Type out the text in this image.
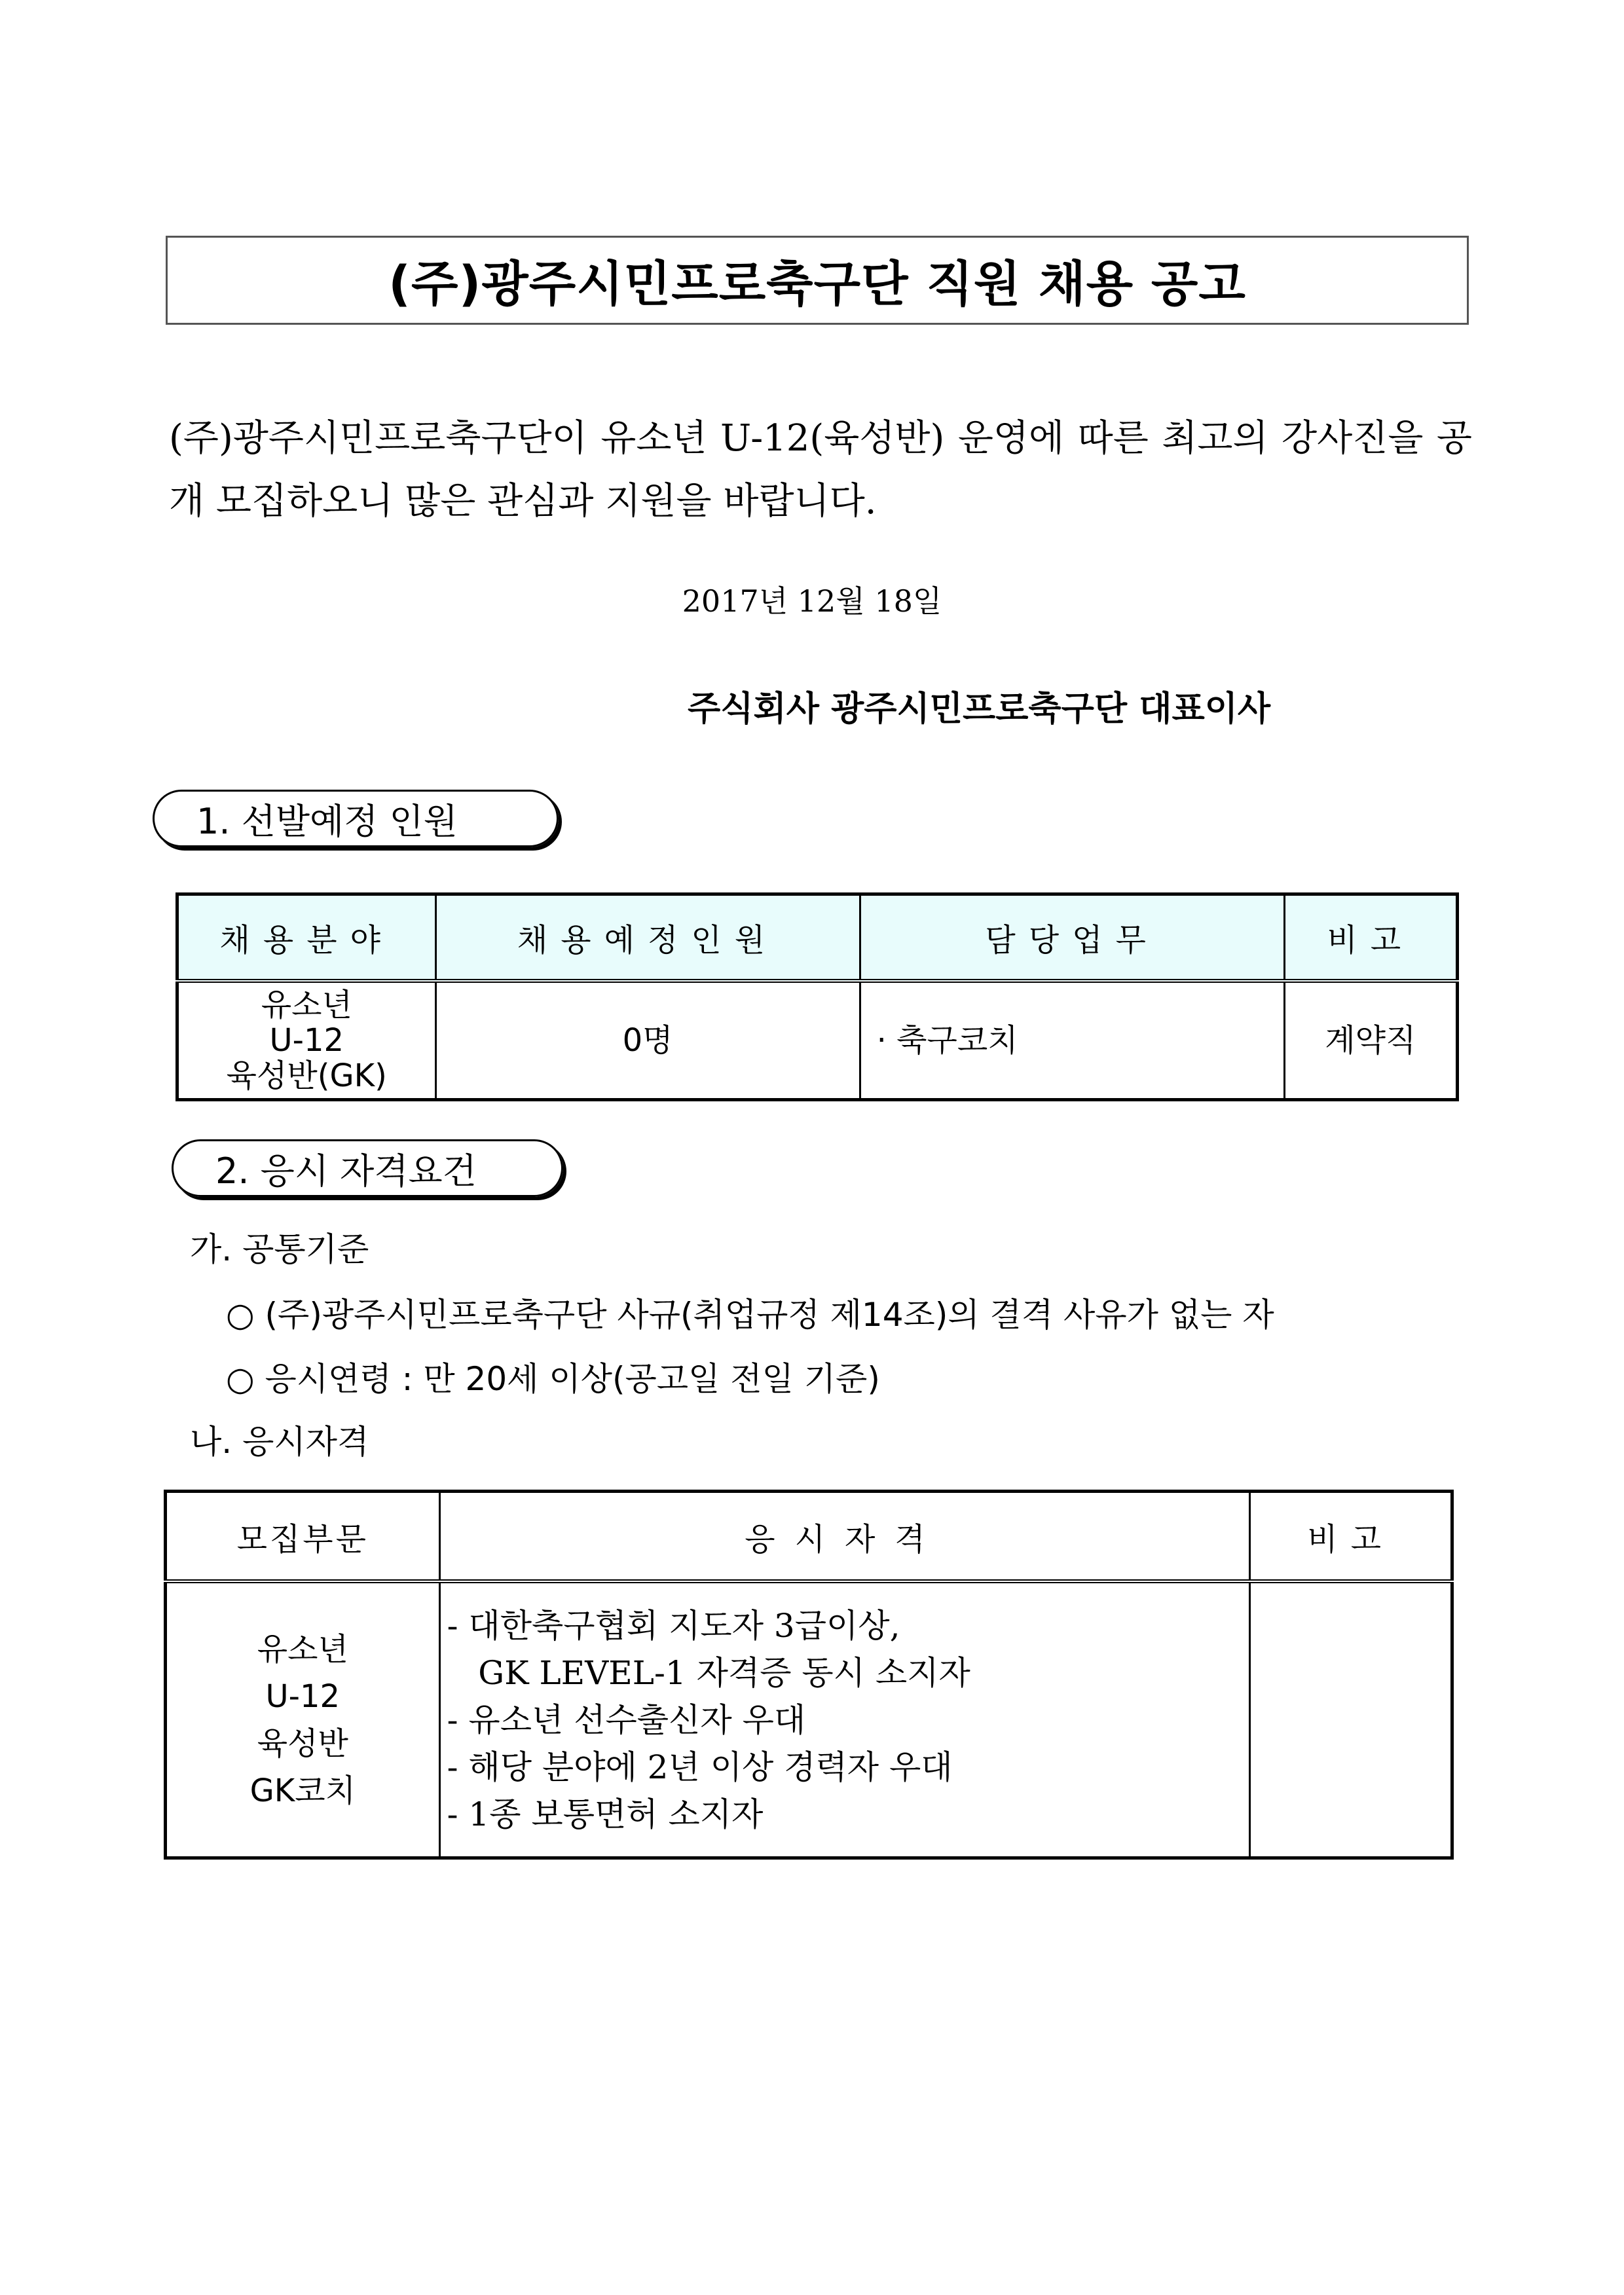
(주)광주시민프로축구단 직원 채용 공고
(주)광주시민프로축구단이 유소년 U-12(육성반) 운영에 따른 최고의 강사진을 공개 모집하오니 많은 관심과 지원을 바랍니다.
2017년 12월 18일
주식회사 광주시민프로축구단 대표이사
1. 선발예정 인원
채용분야	채용예정인원	담당업무	비고

유소년
U-12
육성반(GK)	0명	· 축구코치	계약직
2. 응시 자격요건
가. 공통기준
○ (주)광주시민프로축구단 사규(취업규정 제14조)의 결격 사유가 없는 자
○ 응시연령 : 만 20세 이상(공고일 전일 기준)
나. 응시자격
모집부문	응시자격	비고

유소년
U-12
육성반
GK코치	- 대한축구협회 지도자 3급이상,
GK LEVEL-1 자격증 동시 소지자
- 유소년 선수출신자 우대
- 해당 분야에 2년 이상 경력자 우대
- 1종 보통면허 소지자	
